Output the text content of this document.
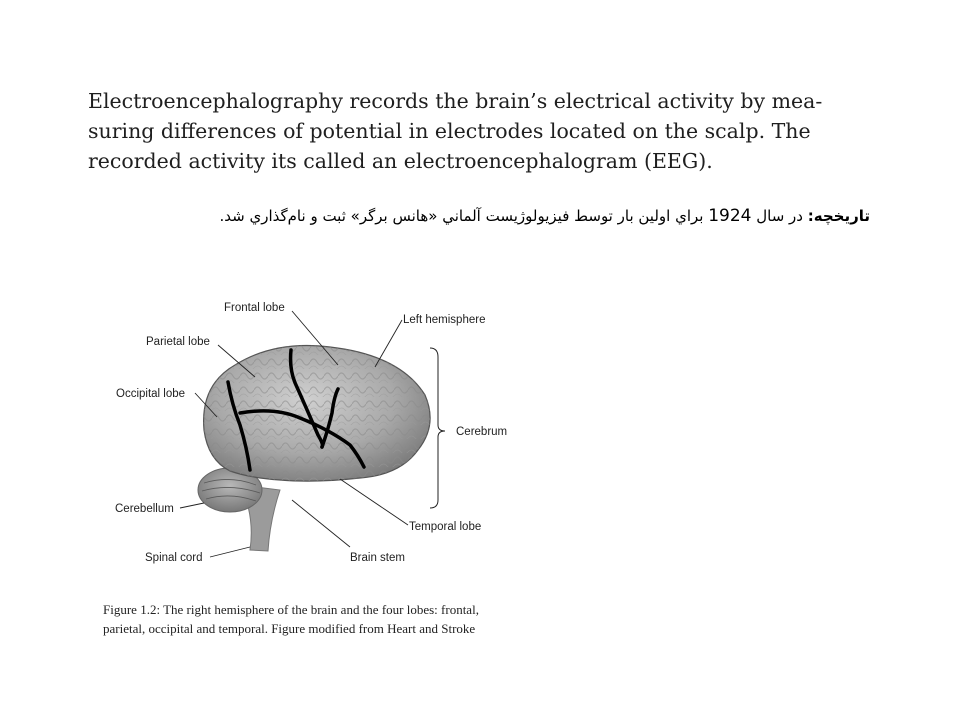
Electroencephalography records the brain’s electrical activity by mea-
suring differences of potential in electrodes located on the scalp. The
recorded activity its called an electroencephalogram (EEG).
تاريخچه: در سال 1924 براي اولين بار توسط فيزيولوژيست آلماني «هانس برگر» ثبت و نام‌گذاري شد.
Frontal lobe
Left hemisphere
Parietal lobe
Occipital lobe
Cerebrum
Cerebellum
Temporal lobe
Spinal cord	Brain stem
Figure 1.2: The right hemisphere of the brain and the four lobes: frontal,
parietal, occipital and temporal. Figure modified from Heart and Stroke
